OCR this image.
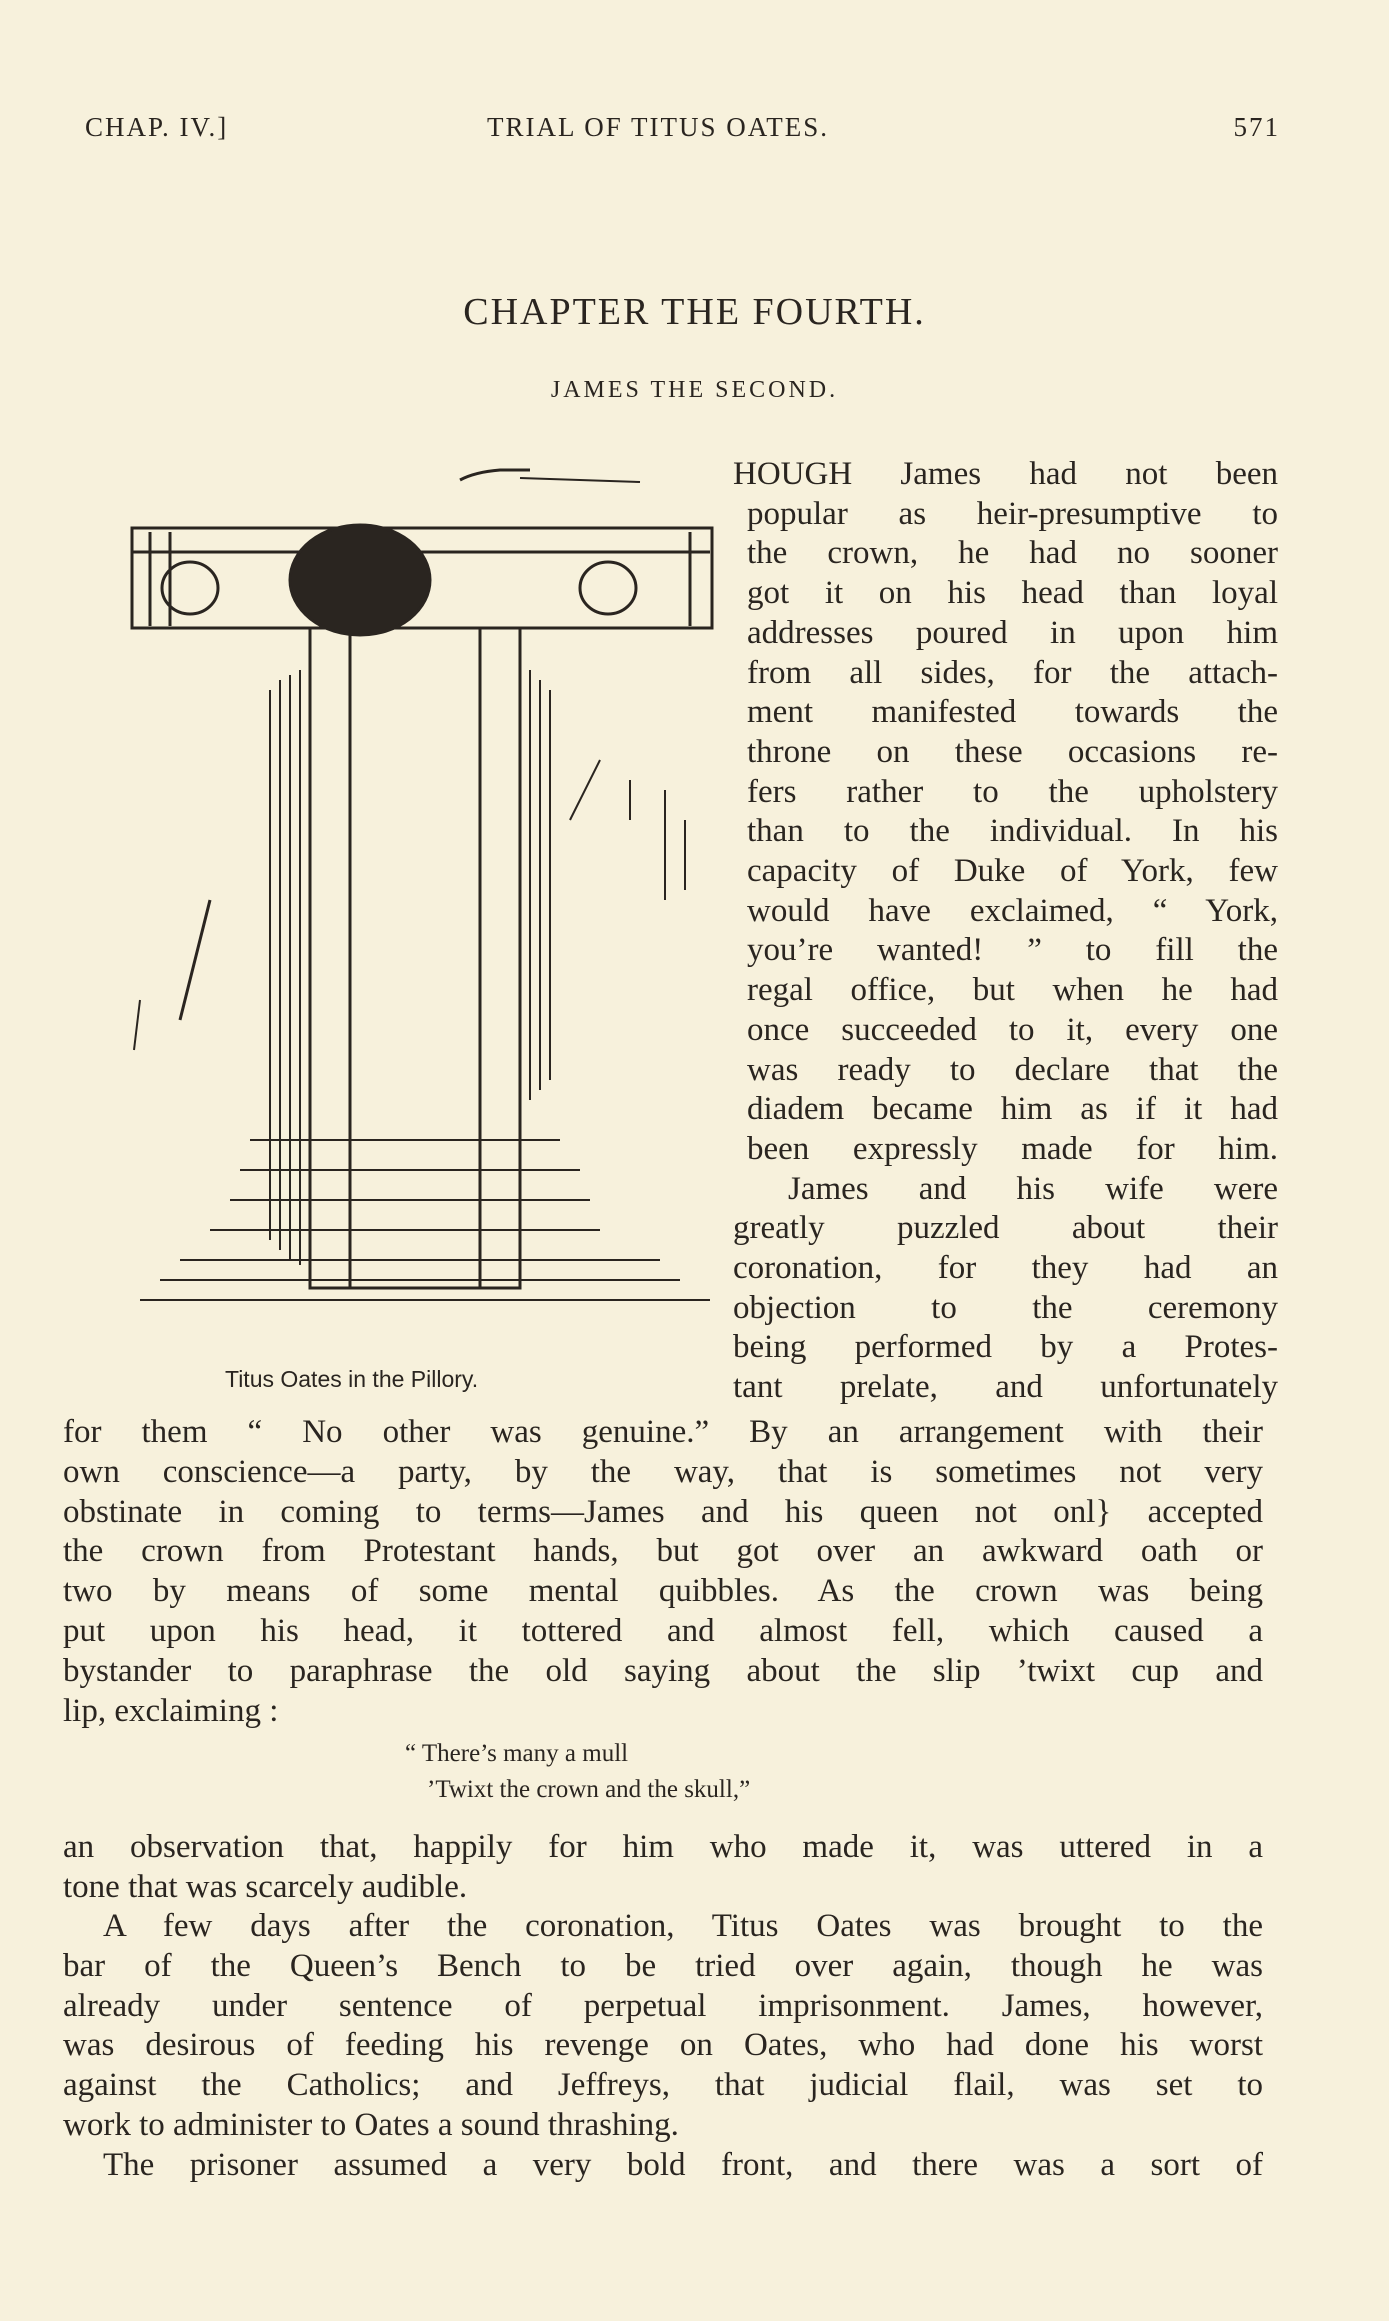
CHAP. IV.]	TRIAL OF TITUS OATES.	571
CHAPTER THE FOURTH.
JAMES THE SECOND.
Titus Oates in the Pillory.
HOUGH James had not been
popular as heir-presumptive to
the crown, he had no sooner
got it on his head than loyal
addresses poured in upon him
from all sides, for the attach-
ment manifested towards the
throne on these occasions re-
fers rather to the upholstery
than to the individual. In his
capacity of Duke of York, few
would have exclaimed, “ York,
you’re wanted! ” to fill the
regal office, but when he had
once succeeded to it, every one
was ready to declare that the
diadem became him as if it had
been expressly made for him.
James and his wife were
greatly puzzled about their
coronation, for they had an
objection to the ceremony
being performed by a Protes-
tant prelate, and unfortunately
for them “ No other was genuine.” By an arrangement with their
own conscience—a party, by the way, that is sometimes not very
obstinate in coming to terms—James and his queen not onl} accepted
the crown from Protestant hands, but got over an awkward oath or
two by means of some mental quibbles. As the crown was being
put upon his head, it tottered and almost fell, which caused a
bystander to paraphrase the old saying about the slip ’twixt cup and
lip, exclaiming :
“ There’s many a mull
’Twixt the crown and the skull,”
an observation that, happily for him who made it, was uttered in a
tone that was scarcely audible.
A few days after the coronation, Titus Oates was brought to the
bar of the Queen’s Bench to be tried over again, though he was
already under sentence of perpetual imprisonment. James, however,
was desirous of feeding his revenge on Oates, who had done his worst
against the Catholics; and Jeffreys, that judicial flail, was set to
work to administer to Oates a sound thrashing.
The prisoner assumed a very bold front, and there was a sort of
